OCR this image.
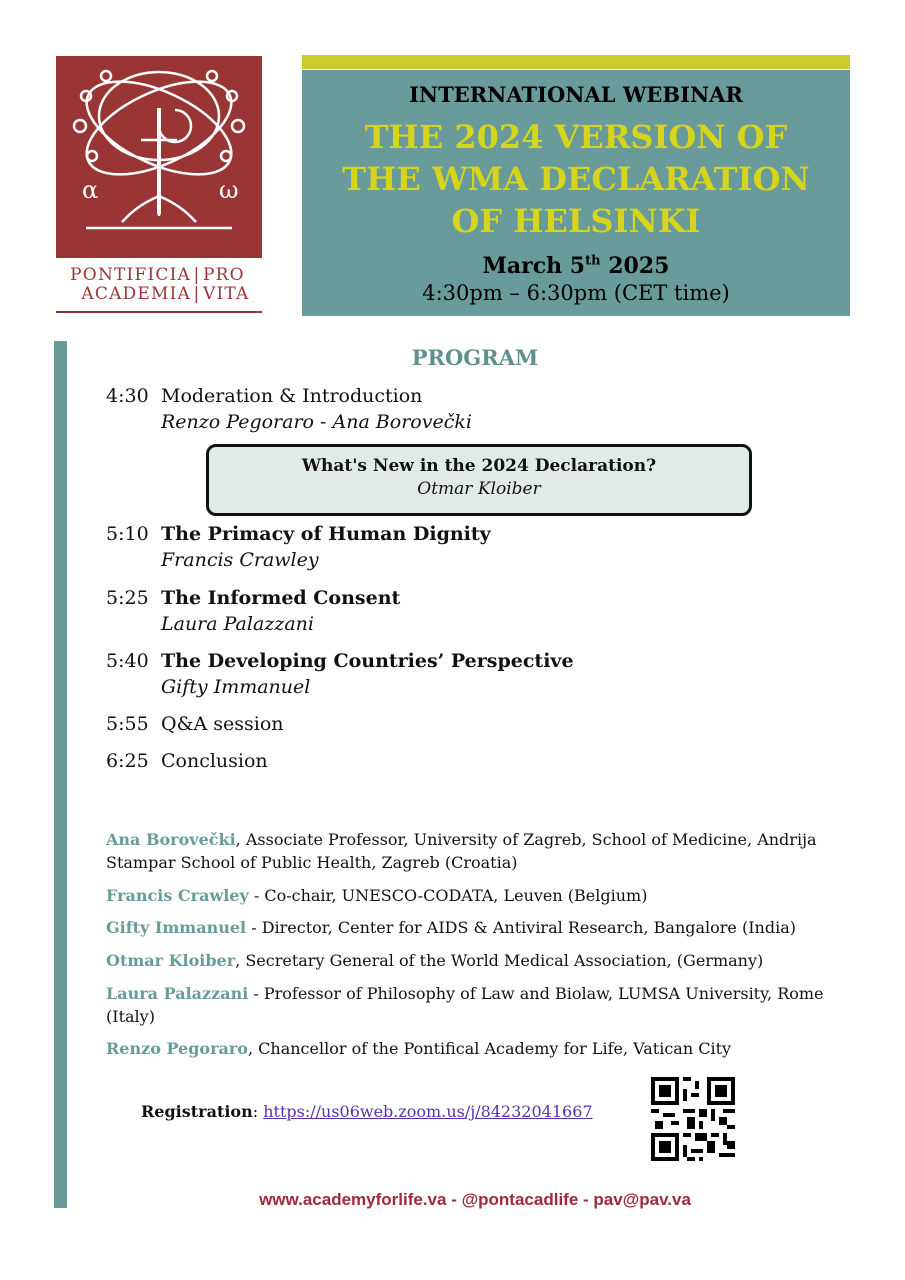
α	ω
PONTIFICIA | PRO
ACADEMIA | VITA
INTERNATIONAL WEBINAR
THE 2024 VERSION OF
THE WMA DECLARATION
OF HELSINKI
March 5th 2025
4:30pm – 6:30pm (CET time)
PROGRAM
4:30 Moderation & Introduction
Renzo Pegoraro - Ana Borovečki
What's New in the 2024 Declaration?
Otmar Kloiber
5:10 The Primacy of Human Dignity
Francis Crawley
5:25 The Informed Consent
Laura Palazzani
5:40 The Developing Countries’ Perspective
Gifty Immanuel
5:55 Q&A session
6:25 Conclusion
Ana Borovečki, Associate Professor, University of Zagreb, School of Medicine, Andrija Stampar School of Public Health, Zagreb (Croatia)
Francis Crawley - Co-chair, UNESCO-CODATA, Leuven (Belgium)
Gifty Immanuel - Director, Center for AIDS & Antiviral Research, Bangalore (India)
Otmar Kloiber, Secretary General of the World Medical Association, (Germany)
Laura Palazzani - Professor of Philosophy of Law and Biolaw, LUMSA University, Rome (Italy)
Renzo Pegoraro, Chancellor of the Pontifical Academy for Life, Vatican City
Registration: https://us06web.zoom.us/j/84232041667
www.academyforlife.va - @pontacadlife - pav@pav.va
